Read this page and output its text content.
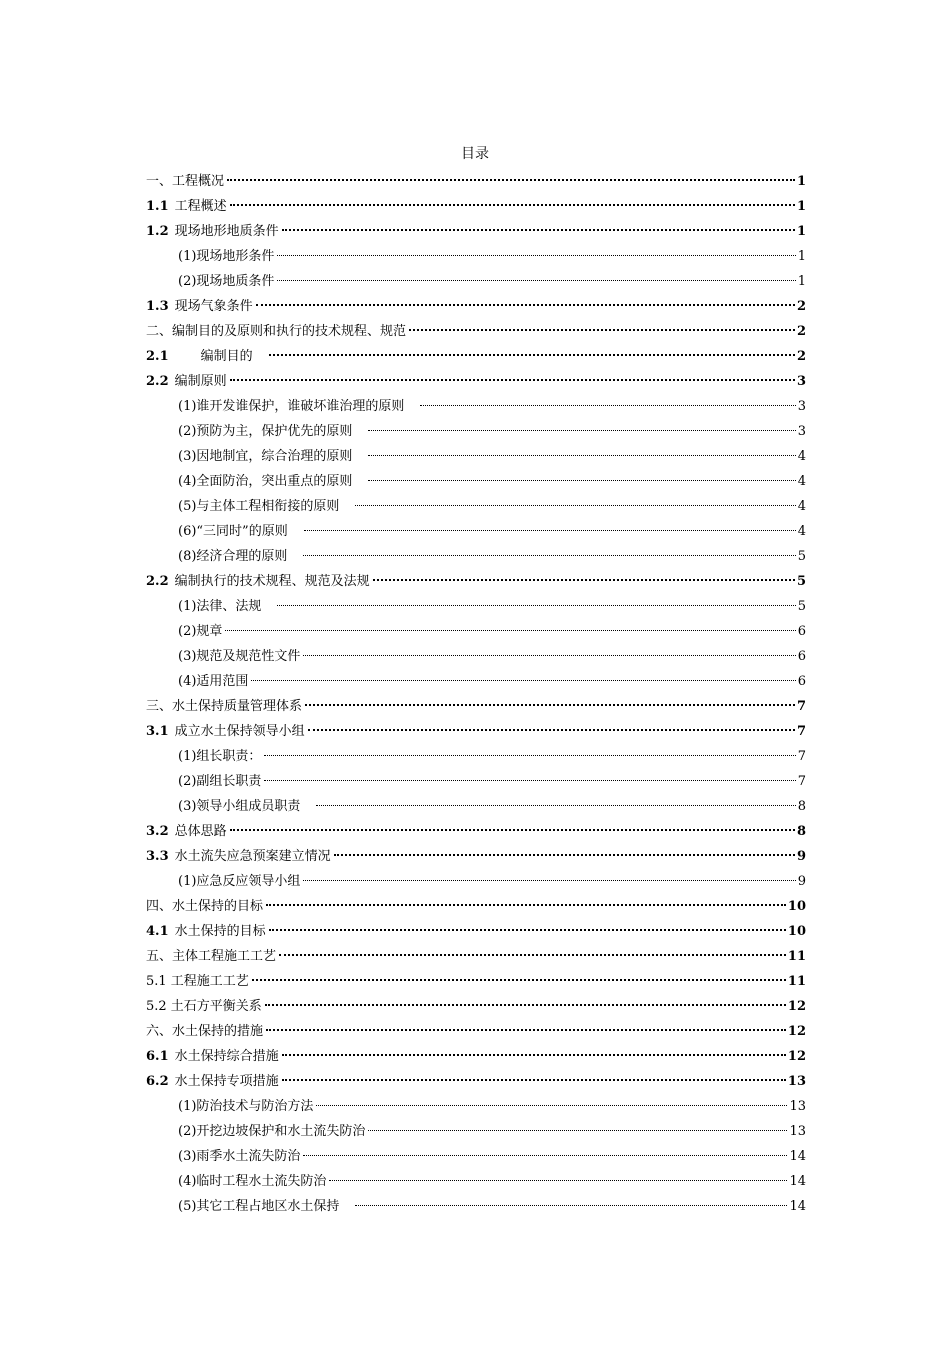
目录
一、工程概况	1
1.1 工程概述	1
1.2 现场地形地质条件	1
(1)现场地形条件	1
(2)现场地质条件	1
1.3 现场气象条件	2
二、编制目的及原则和执行的技术规程、规范	2
2.1 　　编制目的　	2
2.2 编制原则	3
(1)谁开发谁保护，谁破坏谁治理的原则　	3
(2)预防为主，保护优先的原则　	3
(3)因地制宜，综合治理的原则　	4
(4)全面防治，突出重点的原则　	4
(5)与主体工程相衔接的原则　	4
(6)“三同时”的原则　	4
(8)经济合理的原则　	5
2.2 编制执行的技术规程、规范及法规	5
(1)法律、法规　	5
(2)规章	6
(3)规范及规范性文件	6
(4)适用范围	6
三、水土保持质量管理体系	7
3.1 成立水土保持领导小组	7
(1)组长职责：	7
(2)副组长职责	7
(3)领导小组成员职责　	8
3.2 总体思路	8
3.3 水土流失应急预案建立情况	9
(1)应急反应领导小组	9
四、水土保持的目标	10
4.1 水土保持的目标	10
五、主体工程施工工艺	11
5.1 工程施工工艺	11
5.2 土石方平衡关系	12
六、水土保持的措施	12
6.1 水土保持综合措施	12
6.2 水土保持专项措施	13
(1)防治技术与防治方法	13
(2)开挖边坡保护和水土流失防治	13
(3)雨季水土流失防治	14
(4)临时工程水土流失防治	14
(5)其它工程占地区水土保持　	14
